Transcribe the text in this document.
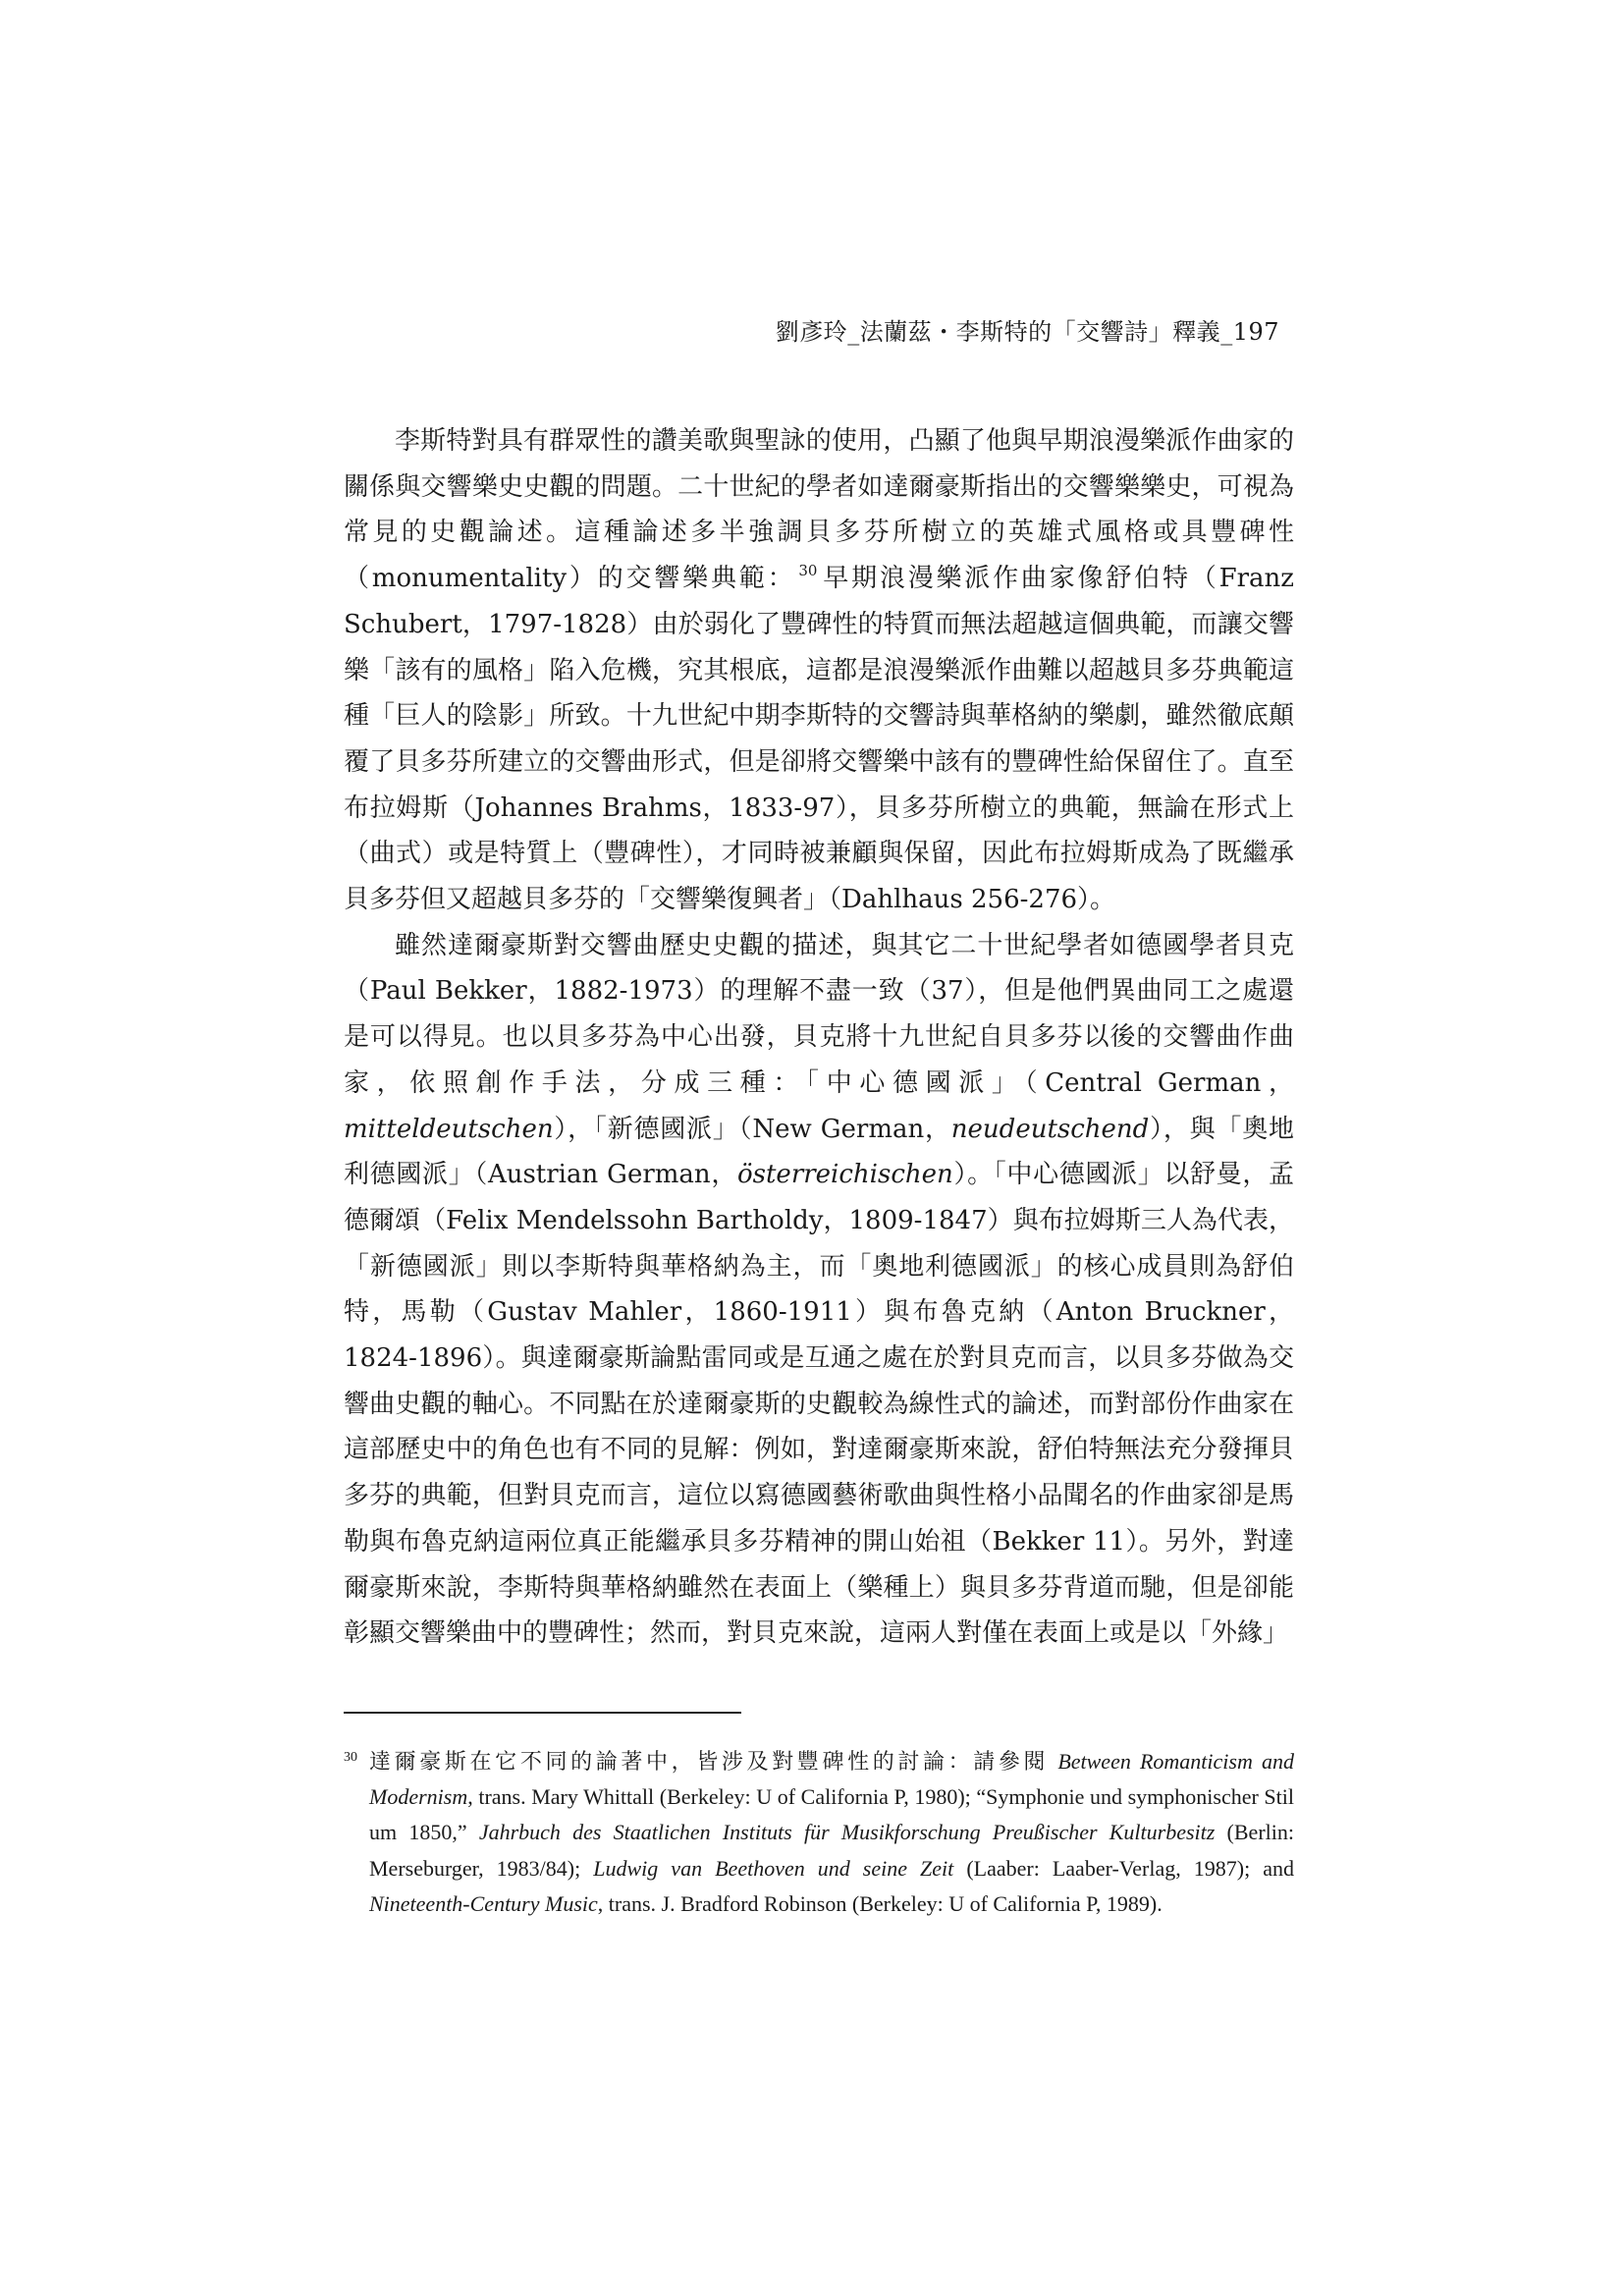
劉彥玲_法蘭茲・李斯特的「交響詩」釋義_197

李斯特對具有群眾性的讚美歌與聖詠的使用，凸顯了他與早期浪漫樂派作曲家的關係與交響樂史史觀的問題。二十世紀的學者如達爾豪斯指出的交響樂樂史，可視為常見的史觀論述。這種論述多半強調貝多芬所樹立的英雄式風格或具豐碑性（monumentality）的交響樂典範： $^{30}$ 早期浪漫樂派作曲家像舒伯特（Franz Schubert，1797-1828）由於弱化了豐碑性的特質而無法超越這個典範，而讓交響樂「該有的風格」陷入危機，究其根底，這都是浪漫樂派作曲難以超越貝多芬典範這種「巨人的陰影」所致。十九世紀中期李斯特的交響詩與華格納的樂劇，雖然徹底顛覆了貝多芬所建立的交響曲形式，但是卻將交響樂中該有的豐碑性給保留住了。直至布拉姆斯（Johannes Brahms，1833-97），貝多芬所樹立的典範，無論在形式上（曲式）或是特質上（豐碑性），才同時被兼顧與保留，因此布拉姆斯成為了既繼承貝多芬但又超越貝多芬的「交響樂復興者」（Dahlhaus 256-276）。

雖然達爾豪斯對交響曲歷史史觀的描述，與其它二十世紀學者如德國學者貝克（Paul Bekker，1882-1973）的理解不盡一致（37），但是他們異曲同工之處還是可以得見。也以貝多芬為中心出發，貝克將十九世紀自貝多芬以後的交響曲作曲家，依照創作手法，分成三種：「中心德國派」（Central German，mitteldeutschen），「新德國派」（New German，neudeutschend），與「奧地利德國派」（Austrian German，österreichischen）。「中心德國派」以舒曼，孟德爾頌（Felix Mendelssohn Bartholdy，1809-1847）與布拉姆斯三人為代表，「新德國派」則以李斯特與華格納為主，而「奧地利德國派」的核心成員則為舒伯特，馬勒（Gustav Mahler，1860-1911）與布魯克納（Anton Bruckner，1824-1896）。與達爾豪斯論點雷同或是互通之處在於對貝克而言，以貝多芬做為交響曲史觀的軸心。不同點在於達爾豪斯的史觀較為線性式的論述，而對部份作曲家在這部歷史中的角色也有不同的見解：例如，對達爾豪斯來說，舒伯特無法充分發揮貝多芬的典範，但對貝克而言，這位以寫德國藝術歌曲與性格小品聞名的作曲家卻是馬勒與布魯克納這兩位真正能繼承貝多芬精神的開山始祖（Bekker 11）。另外，對達爾豪斯來說，李斯特與華格納雖然在表面上（樂種上）與貝多芬背道而馳，但是卻能彰顯交響樂曲中的豐碑性；然而，對貝克來說，這兩人對僅在表面上或是以「外緣」

30 達爾豪斯在它不同的論著中，皆涉及對豐碑性的討論：請參閱 Between Romanticism and Modernism, trans. Mary Whittall (Berkeley: U of California P, 1980); “Symphonie und symphonischer Stil um 1850,” Jahrbuch des Staatlichen Instituts für Musikforschung Preußischer Kulturbesitz (Berlin: Merseburger, 1983/84); Ludwig van Beethoven und seine Zeit (Laaber: Laaber-Verlag, 1987); and Nineteenth-Century Music, trans. J. Bradford Robinson (Berkeley: U of California P, 1989).
